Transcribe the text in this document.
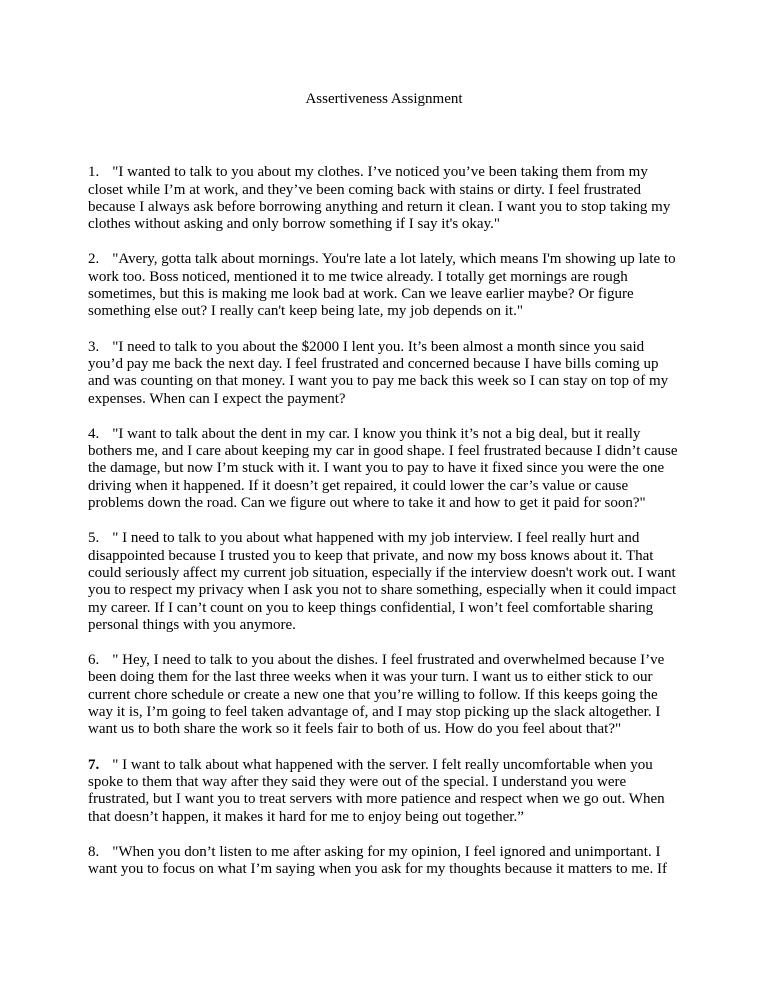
Assertiveness Assignment

1. "I wanted to talk to you about my clothes. I’ve noticed you’ve been taking them from my closet while I’m at work, and they’ve been coming back with stains or dirty. I feel frustrated because I always ask before borrowing anything and return it clean. I want you to stop taking my clothes without asking and only borrow something if I say it's okay."

2. "Avery, gotta talk about mornings. You're late a lot lately, which means I'm showing up late to work too. Boss noticed, mentioned it to me twice already. I totally get mornings are rough sometimes, but this is making me look bad at work. Can we leave earlier maybe? Or figure something else out? I really can't keep being late, my job depends on it."

3. "I need to talk to you about the $2000 I lent you. It’s been almost a month since you said you’d pay me back the next day. I feel frustrated and concerned because I have bills coming up and was counting on that money. I want you to pay me back this week so I can stay on top of my expenses. When can I expect the payment?

4. "I want to talk about the dent in my car. I know you think it’s not a big deal, but it really bothers me, and I care about keeping my car in good shape. I feel frustrated because I didn’t cause the damage, but now I’m stuck with it. I want you to pay to have it fixed since you were the one driving when it happened. If it doesn’t get repaired, it could lower the car’s value or cause problems down the road. Can we figure out where to take it and how to get it paid for soon?"

5. " I need to talk to you about what happened with my job interview. I feel really hurt and disappointed because I trusted you to keep that private, and now my boss knows about it. That could seriously affect my current job situation, especially if the interview doesn't work out. I want you to respect my privacy when I ask you not to share something, especially when it could impact my career. If I can’t count on you to keep things confidential, I won’t feel comfortable sharing personal things with you anymore.

6. " Hey, I need to talk to you about the dishes. I feel frustrated and overwhelmed because I’ve been doing them for the last three weeks when it was your turn. I want us to either stick to our current chore schedule or create a new one that you’re willing to follow. If this keeps going the way it is, I’m going to feel taken advantage of, and I may stop picking up the slack altogether. I want us to both share the work so it feels fair to both of us. How do you feel about that?"

7. " I want to talk about what happened with the server. I felt really uncomfortable when you spoke to them that way after they said they were out of the special. I understand you were frustrated, but I want you to treat servers with more patience and respect when we go out. When that doesn’t happen, it makes it hard for me to enjoy being out together.”

8. "When you don’t listen to me after asking for my opinion, I feel ignored and unimportant. I want you to focus on what I’m saying when you ask for my thoughts because it matters to me. If
